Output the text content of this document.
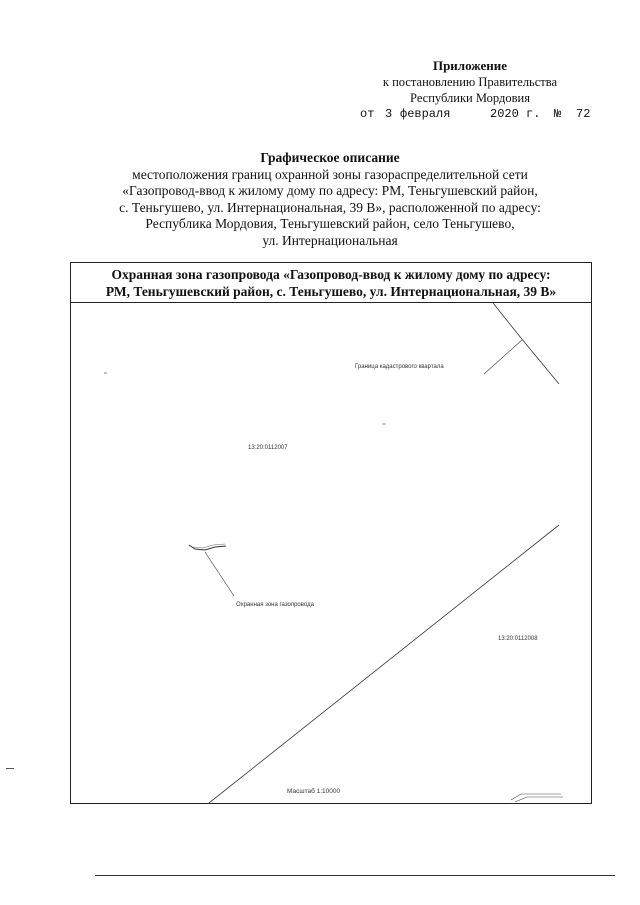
Приложение
к постановлению Правительства
Республики Мордовия
от 3 февраля	2020 г. № 72
Графическое описание
местоположения границ охранной зоны газораспределительной сети
«Газопровод-ввод к жилому дому по адресу: РМ, Теньгушевский район,
с. Теньгушево, ул. Интернациональная, 39 В», расположенной по адресу:
Республика Мордовия, Теньгушевский район, село Теньгушево,
ул. Интернациональная
Охранная зона газопровода «Газопровод-ввод к жилому дому по адресу:
РМ, Теньгушевский район, с. Теньгушево, ул. Интернациональная, 39 В»
Граница кадастрового квартала
13:20:0112007
Охранная зона газопровода
13:20:0112008
Масштаб 1:10000
